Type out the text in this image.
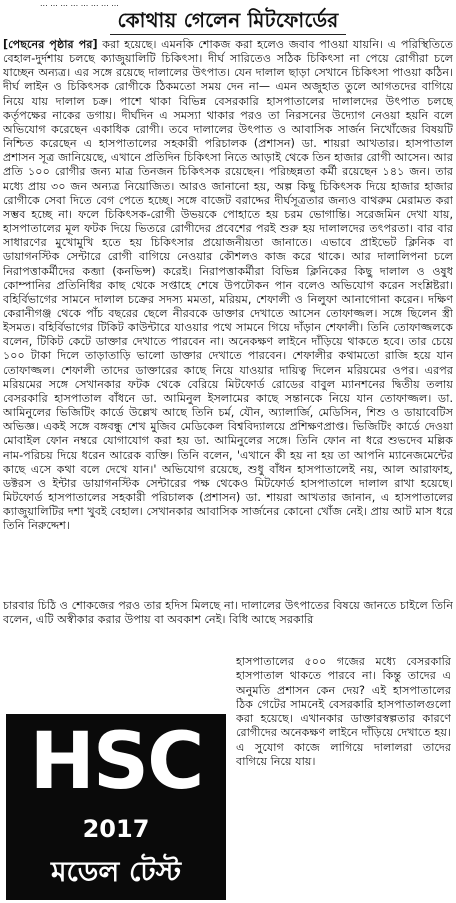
... ... ... ... ... ... ... ...
কোথায় গেলেন মিটফোর্ডের

[পেছনের পৃষ্ঠার পর] করা হয়েছে। এমনকি শোকজ করা হলেও জবাব পাওয়া যায়নি। এ পরিস্থিতিতে বেহাল-দুর্দশায় চলছে ক্যাজুয়ালিটি চিকিৎসা। দীর্ঘ সারিতেও সঠিক চিকিৎসা না পেয়ে রোগীরা চলে যাচ্ছেন অন্যত্র। এর সঙ্গে রয়েছে দালালের উৎপাত। যেন দালাল ছাড়া সেখানে চিকিৎসা পাওয়া কঠিন। দীর্ঘ লাইন ও চিকিৎসক রোগীকে ঠিকমতো সময় দেন না— এমন অজুহাত তুলে আগতদের বাগিয়ে নিয়ে যায় দালাল চক্র। পাশে থাকা বিভিন্ন বেসরকারি হাসপাতালের দালালদের উৎপাত চলছে কর্তৃপক্ষের নাকের ডগায়। দীর্ঘদিন এ সমস্যা থাকার পরও তা নিরসনের উদ্যোগ নেওয়া হয়নি বলে অভিযোগ করেছেন একাধিক রোগী। তবে দালালের উৎপাত ও আবাসিক সার্জন নিখোঁজের বিষয়টি নিশ্চিত করেছেন এ হাসপাতালের সহকারী পরিচালক (প্রশাসন) ডা. শায়রা আখতার। হাসপাতাল প্রশাসন সূত্র জানিয়েছে, এখানে প্রতিদিন চিকিৎসা নিতে আড়াই থেকে তিন হাজার রোগী আসেন। আর প্রতি ১০০ রোগীর জন্য মাত্র তিনজন চিকিৎসক রয়েছেন। পরিচ্ছন্নতা কর্মী রয়েছেন ১৪১ জন। তার মধ্যে প্রায় ৩০ জন অন্যত্র নিয়োজিত। আরও জানানো হয়, অল্প কিছু চিকিৎসক দিয়ে হাজার হাজার রোগীকে সেবা দিতে বেগ পেতে হচ্ছে। সঙ্গে বাজেট বরাদ্দের দীর্ঘসূত্রতার জন্যও বাথরুম মেরামত করা সম্ভব হচ্ছে না। ফলে চিকিৎসক-রোগী উভয়কে পোহাতে হয় চরম ভোগান্তি। সরেজমিন দেখা যায়, হাসপাতালের মূল ফটক দিয়ে ভিতরে রোগীদের প্রবেশের পরই শুরু হয় দালালদের তৎপরতা। বার বার সাধারণের মুখোমুখি হতে হয় চিকিৎসার প্রয়োজনীয়তা জানাতে। এভাবে প্রাইভেট ক্লিনিক বা ডায়াগনস্টিক সেন্টারে রোগী বাগিয়ে নেওয়ার কৌশলও কাজ করে থাকে। আর দালালিপনা চলে নিরাপত্তাকর্মীদের কব্জা (কনভিন্স) করেই। নিরাপত্তাকর্মীরা বিভিন্ন ক্লিনিকের কিছু দালাল ও ওষুধ কোম্পানির প্রতিনিধির কাছ থেকে সপ্তাহে শেষে উপঢৌকন পান বলেও অভিযোগ করেন সংশ্লিষ্টরা। বহির্বিভাগের সামনে দালাল চক্রের সদস্য মমতা, মরিয়ম, শেফালী ও নিলুফা আনাগোনা করেন। দক্ষিণ কেরানীগঞ্জ থেকে পাঁচ বছরের ছেলে নীরবকে ডাক্তার দেখাতে আসেন তোফাজ্জল। সঙ্গে ছিলেন স্ত্রী ইসমত। বহির্বিভাগের টিকিট কাউন্টারে যাওয়ার পথে সামনে গিয়ে দাঁড়ান শেফালী। তিনি তোফাজ্জলকে বলেন, টিকিট কেটে ডাক্তার দেখাতে পারবেন না। অনেকক্ষণ লাইনে দাঁড়িয়ে থাকতে হবে। তার চেয়ে ১০০ টাকা দিলে তাড়াতাড়ি ভালো ডাক্তার দেখাতে পারবেন। শেফালীর কথামতো রাজি হয়ে যান তোফাজ্জল। শেফালী তাদের ডাক্তারের কাছে নিয়ে যাওয়ার দায়িত্ব দিলেন মরিয়মের ওপর। এরপর মরিয়মের সঙ্গে সেখানকার ফটক থেকে বেরিয়ে মিটফোর্ড রোডের বাবুল ম্যানশনের দ্বিতীয় তলায় বেসরকারি হাসপাতাল বাঁধনে ডা. আমিনুল ইসলামের কাছে সন্তানকে নিয়ে যান তোফাজ্জল। ডা. আমিনুলের ভিজিটিং কার্ডে উল্লেখ আছে তিনি চর্ম, যৌন, অ্যালার্জি, মেডিসিন, শিশু ও ডায়াবেটিস অভিজ্ঞ। একই সঙ্গে বঙ্গবন্ধু শেখ মুজিব মেডিকেল বিশ্ববিদ্যালয়ে প্রশিক্ষণপ্রাপ্ত। ভিজিটিং কার্ডে দেওয়া মোবাইল ফোন নম্বরে যোগাযোগ করা হয় ডা. আমিনুলের সঙ্গে। তিনি ফোন না ধরে শুভদেব মল্লিক নাম-পরিচয় দিয়ে ধরেন আরেক ব্যক্তি। তিনি বলেন, 'এখানে কী হয় না হয় তা আপনি ম্যানেজমেন্টের কাছে এসে কথা বলে দেখে যান।' অভিযোগ রয়েছে, শুধু বাঁধন হাসপাতালেই নয়, আল আরাফাহ, ডক্টরস ও ইন্টার ডায়াগনস্টিক সেন্টারের পক্ষ থেকেও মিটফোর্ড হাসপাতালে দালাল রাখা হয়েছে। মিটফোর্ড হাসপাতালের সহকারী পরিচালক (প্রশাসন) ডা. শায়রা আখতার জানান, এ হাসপাতালের ক্যাজুয়ালিটির দশা খুবই বেহাল। সেখানকার আবাসিক সার্জনের কোনো খোঁজ নেই। প্রায় আট মাস ধরে তিনি নিরুদ্দেশ।

চারবার চিঠি ও শোকজের পরও তার হদিস মিলছে না। দালালের উৎপাতের বিষয়ে জানতে চাইলে তিনি বলেন, এটি অস্বীকার করার উপায় বা অবকাশ নেই। বিধি আছে সরকারি
হাসপাতালের ৫০০ গজের মধ্যে বেসরকারি হাসপাতাল থাকতে পারবে না। কিন্তু তাদের এ অনুমতি প্রশাসন কেন দেয়? এই হাসপাতালের ঠিক গেটের সামনেই বেসরকারি হাসপাতালগুলো করা হয়েছে। এখানকার ডাক্তারস্বল্পতার কারণে রোগীদের অনেকক্ষণ লাইনে দাঁড়িয়ে দেখাতে হয়। এ সুযোগ কাজে লাগিয়ে দালালরা তাদের বাগিয়ে নিয়ে যায়।
HSC
2017
মডেল টেস্ট
